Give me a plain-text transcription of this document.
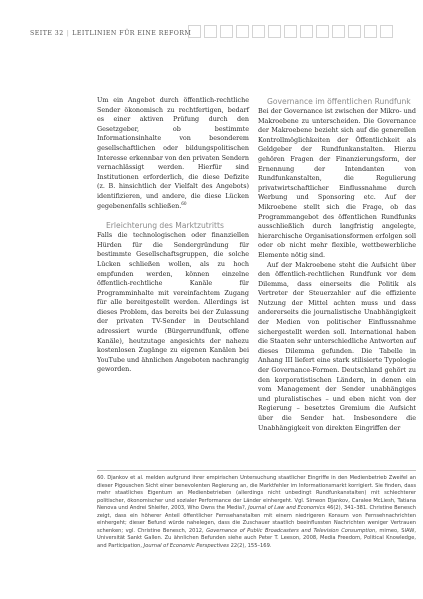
SEITE 32 | LEITLINIEN FÜR EINE REFORM

Um ein Angebot durch öffentlich-rechtliche Sender ökonomisch zu rechtfertigen, bedarf es einer aktiven Prüfung durch den Gesetzgeber, ob bestimmte Informationsinhalte von besonderem gesellschaftlichen oder bildungspolitischen Interesse erkennbar von den privaten Sendern vernachlässigt werden. Hierfür sind Institutionen erforderlich, die diese Defizite (z. B. hinsichtlich der Vielfalt des Angebots) identifizieren, und andere, die diese Lücken gegebenenfalls schließen.$^{60}$

Erleichterung des Marktzutritts

Falls die technologischen oder finanziellen Hürden für die Sendergründung für bestimmte Gesellschaftsgruppen, die solche Lücken schließen wollen, als zu hoch empfunden werden, können einzelne öffentlich-rechtliche Kanäle für Programminhalte mit vereinfachtem Zugang für alle bereitgestellt werden. Allerdings ist dieses Problem, das bereits bei der Zulassung der privaten TV-Sender in Deutschland adressiert wurde (Bürgerrundfunk, offene Kanäle), heutzutage angesichts der nahezu kostenlosen Zugänge zu eigenen Kanälen bei YouTube und ähnlichen Angeboten nachrangig geworden.

Governance im öffentlichen Rundfunk

Bei der Governance ist zwischen der Mikro- und Makroebene zu unterscheiden. Die Governance der Makroebene bezieht sich auf die generellen Kontrollmöglichkeiten der Öffentlichkeit als Geldgeber der Rundfunkanstalten. Hierzu gehören Fragen der Finanzierungsform, der Ernennung der Intendanten von Rundfunkanstalten, die Regulierung privatwirtschaftlicher Einflussnahme durch Werbung und Sponsoring etc. Auf der Mikroebene stellt sich die Frage, ob das Programmangebot des öffentlichen Rundfunks ausschließlich durch langfristig angelegte, hierarchische Organisationsformen erfolgen soll oder ob nicht mehr flexible, wettbewerbliche Elemente nötig sind.

Auf der Makroebene steht die Aufsicht über den öffentlich-rechtlichen Rundfunk vor dem Dilemma, dass einerseits die Politik als Vertreter der Steuerzahler auf die effiziente Nutzung der Mittel achten muss und dass andererseits die journalistische Unabhängigkeit der Medien von politischer Einflussnahme sichergestellt werden soll. International haben die Staaten sehr unterschiedliche Antworten auf dieses Dilemma gefunden. Die Tabelle in Anhang III liefert eine stark stilisierte Typologie der Governance-Formen. Deutschland gehört zu den korporatistischen Ländern, in denen ein vom Management der Sender unabhängiges und pluralistisches – und eben nicht von der Regierung – besetztes Gremium die Aufsicht über die Sender hat. Insbesondere die Unabhängigkeit von direkten Eingriffen der

60. Djankov et al. melden aufgrund ihrer empirischen Untersuchung staatlicher Eingriffe in den Medienbetrieb Zweifel an dieser Pigouschen Sicht einer benevolenten Regierung an, die Marktfehler im Informationsmarkt korrigiert. Sie finden, dass mehr staatliches Eigentum an Medienbetrieben (allerdings nicht unbedingt Rundfunkanstalten) mit schlechterer politischer, ökonomischer und sozialer Performance der Länder einhergeht. Vgl. Simeon Djankov, Caralee McLiesh, Tatiana Nenova und Andrei Shleifer, 2003, Who Owns the Media?, Journal of Law and Economics 46(2), 341–381. Christine Benesch zeigt, dass ein höherer Anteil öffentlicher Fernsehanstalten mit einem niedrigeren Konsum von Fernsehnachrichten einhergeht; dieser Befund würde nahelegen, dass die Zuschauer staatlich beeinflussten Nachrichten weniger Vertrauen schenken; vgl. Christine Benesch, 2012, Governance of Public Broadcasters and Television Consumption, mimeo, SIAW, Universität Sankt Gallen. Zu ähnlichen Befunden siehe auch Peter T. Leeson, 2008, Media Freedom, Political Knowledge, and Participation, Journal of Economic Perspectives 22(2), 155–169.
